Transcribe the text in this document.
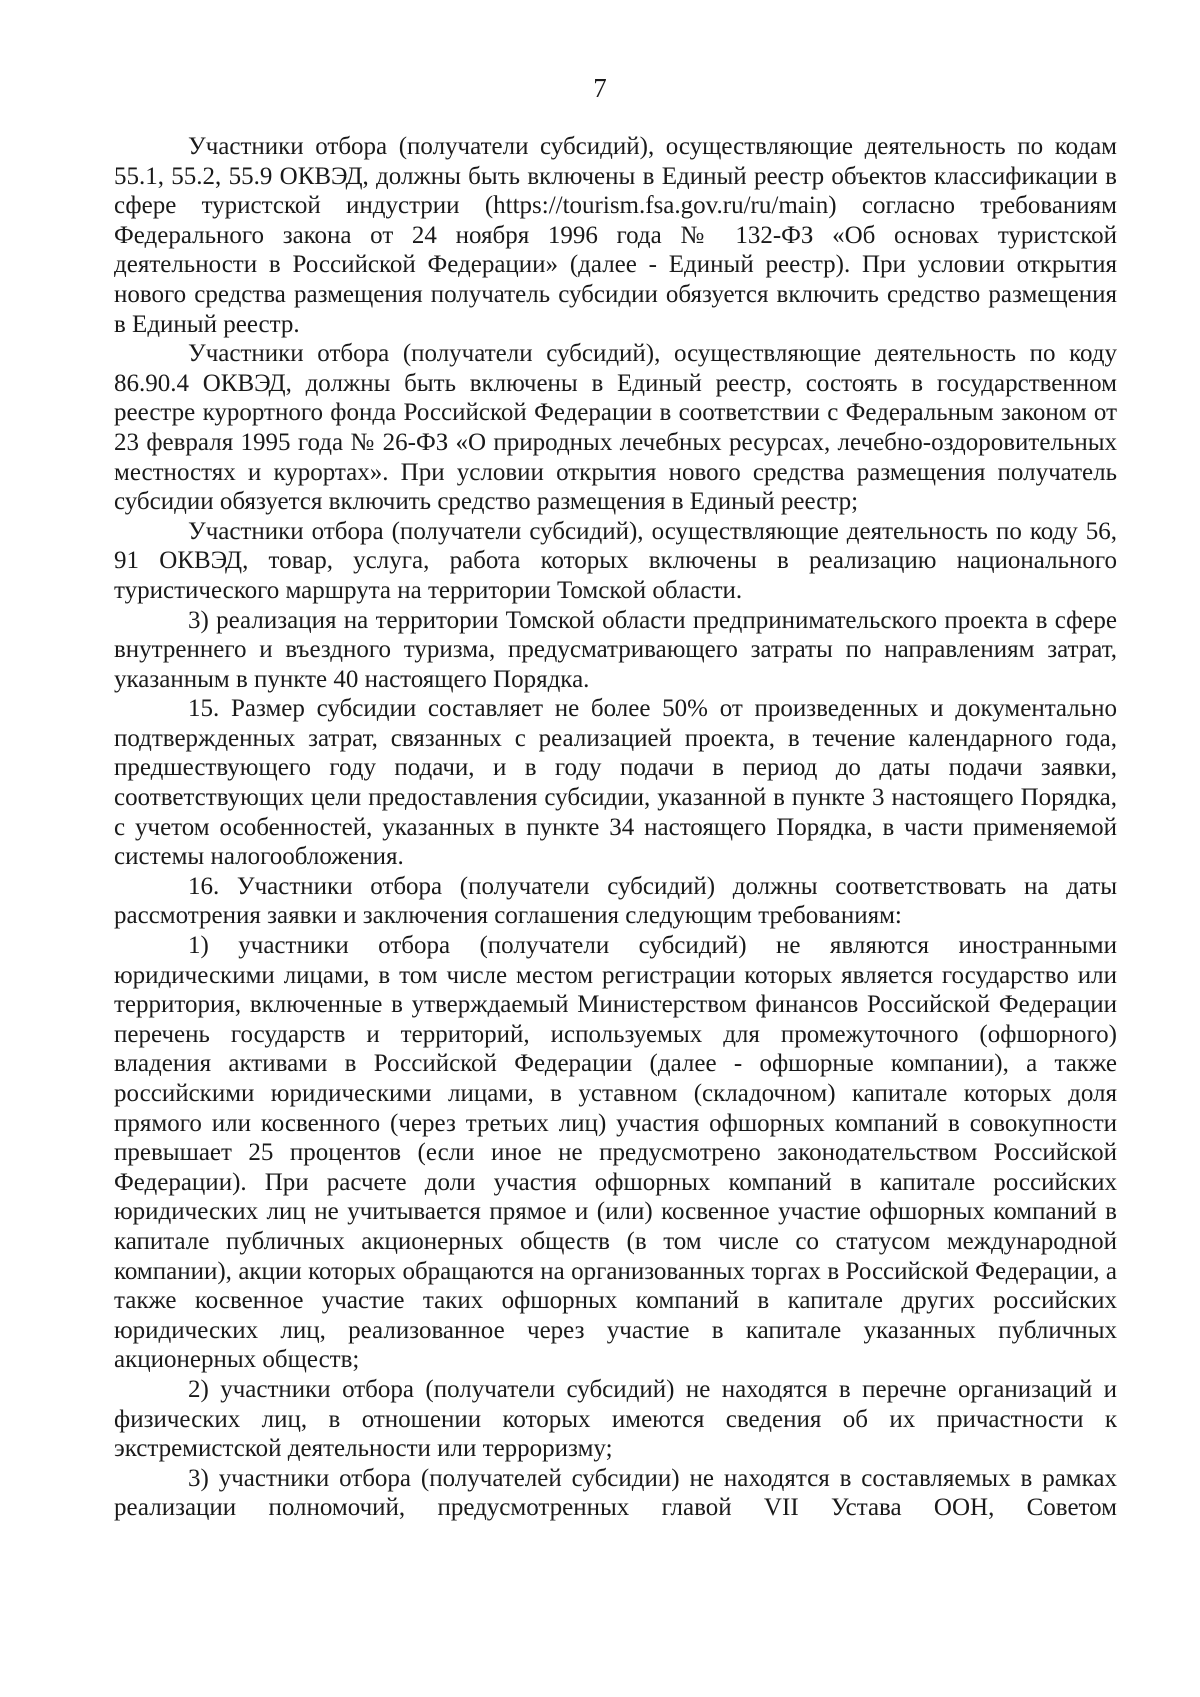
7

Участники отбора (получатели субсидий), осуществляющие деятельность по кодам 55.1, 55.2, 55.9 ОКВЭД, должны быть включены в Единый реестр объектов классификации в сфере туристской индустрии (https://tourism.fsa.gov.ru/ru/main) согласно требованиям Федерального закона от 24 ноября 1996 года № 132-ФЗ «Об основах туристской деятельности в Российской Федерации» (далее - Единый реестр). При условии открытия нового средства размещения получатель субсидии обязуется включить средство размещения в Единый реестр.

Участники отбора (получатели субсидий), осуществляющие деятельность по коду 86.90.4 ОКВЭД, должны быть включены в Единый реестр, состоять в государственном реестре курортного фонда Российской Федерации в соответствии с Федеральным законом от 23 февраля 1995 года № 26-ФЗ «О природных лечебных ресурсах, лечебно-оздоровительных местностях и курортах». При условии открытия нового средства размещения получатель субсидии обязуется включить средство размещения в Единый реестр;

Участники отбора (получатели субсидий), осуществляющие деятельность по коду 56, 91 ОКВЭД, товар, услуга, работа которых включены в реализацию национального туристического маршрута на территории Томской области.

3) реализация на территории Томской области предпринимательского проекта в сфере внутреннего и въездного туризма, предусматривающего затраты по направлениям затрат, указанным в пункте 40 настоящего Порядка.

15. Размер субсидии составляет не более 50% от произведенных и документально подтвержденных затрат, связанных с реализацией проекта, в течение календарного года, предшествующего году подачи, и в году подачи в период до даты подачи заявки, соответствующих цели предоставления субсидии, указанной в пункте 3 настоящего Порядка, с учетом особенностей, указанных в пункте 34 настоящего Порядка, в части применяемой системы налогообложения.

16. Участники отбора (получатели субсидий) должны соответствовать на даты рассмотрения заявки и заключения соглашения следующим требованиям:

1) участники отбора (получатели субсидий) не являются иностранными юридическими лицами, в том числе местом регистрации которых является государство или территория, включенные в утверждаемый Министерством финансов Российской Федерации перечень государств и территорий, используемых для промежуточного (офшорного) владения активами в Российской Федерации (далее - офшорные компании), а также российскими юридическими лицами, в уставном (складочном) капитале которых доля прямого или косвенного (через третьих лиц) участия офшорных компаний в совокупности превышает 25 процентов (если иное не предусмотрено законодательством Российской Федерации). При расчете доли участия офшорных компаний в капитале российских юридических лиц не учитывается прямое и (или) косвенное участие офшорных компаний в капитале публичных акционерных обществ (в том числе со статусом международной компании), акции которых обращаются на организованных торгах в Российской Федерации, а также косвенное участие таких офшорных компаний в капитале других российских юридических лиц, реализованное через участие в капитале указанных публичных акционерных обществ;

2) участники отбора (получатели субсидий) не находятся в перечне организаций и физических лиц, в отношении которых имеются сведения об их причастности к экстремистской деятельности или терроризму;

3) участники отбора (получателей субсидии) не находятся в составляемых в рамках реализации полномочий, предусмотренных главой VII Устава ООН, Советом
